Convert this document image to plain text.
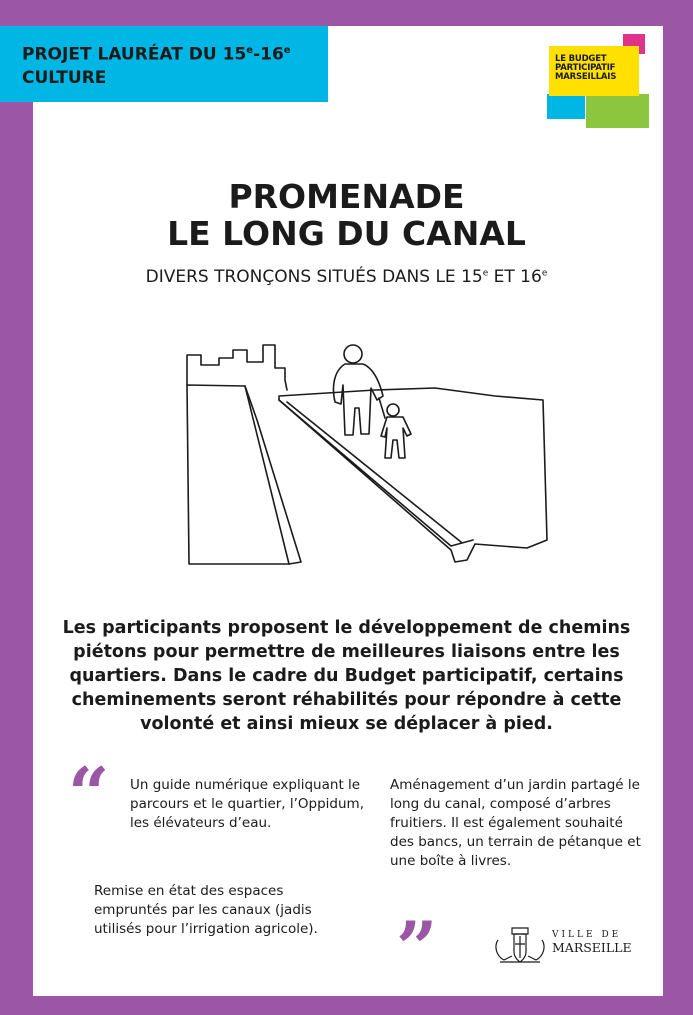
PROJET LAURÉAT DU 15e-16e
CULTURE
LE BUDGET
PARTICIPATIF
MARSEILLAIS
PROMENADE
LE LONG DU CANAL
DIVERS TRONÇONS SITUÉS DANS LE 15e ET 16e
Les participants proposent le développement de chemins piétons pour permettre de meilleures liaisons entre les quartiers. Dans le cadre du Budget participatif, certains cheminements seront réhabilités pour répondre à cette volonté et ainsi mieux se déplacer à pied.
“ Un guide numérique expliquant le parcours et le quartier, l’Oppidum, les élévateurs d’eau.
Aménagement d’un jardin partagé le long du canal, composé d’arbres fruitiers. Il est également souhaité des bancs, un terrain de pétanque et une boîte à livres.
Remise en état des espaces empruntés par les canaux (jadis utilisés pour l’irrigation agricole).	”	VILLE DE
MARSEILLE
